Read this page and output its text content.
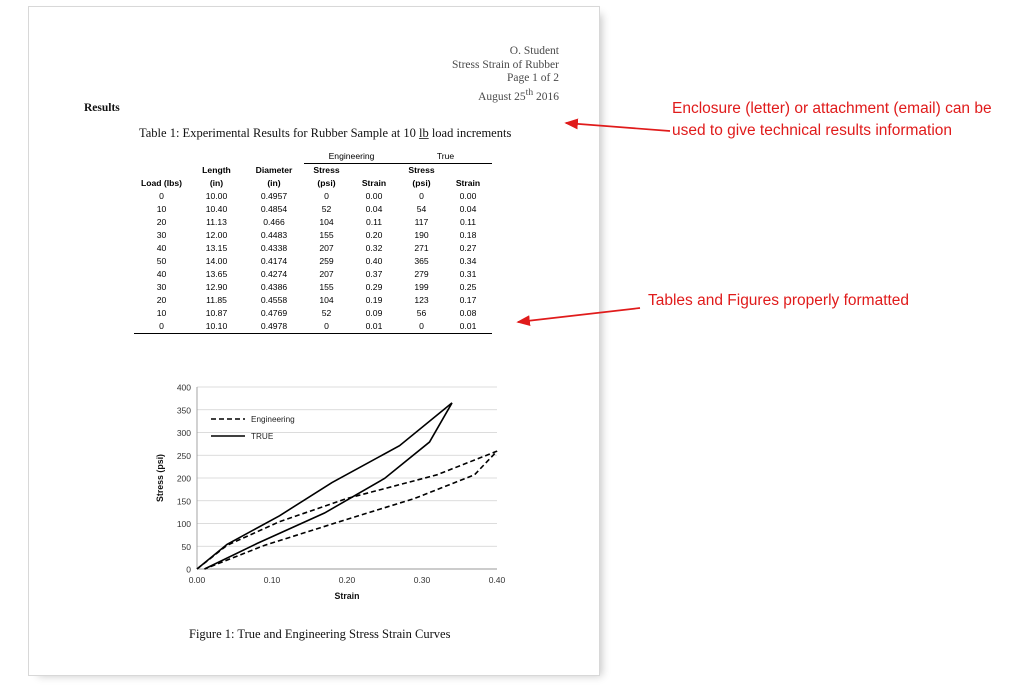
O. Student
Stress Strain of Rubber
Page 1 of 2
August 25th 2016
Results
Table 1: Experimental Results for Rubber Sample at 10 lb load increments
			Engineering		True	
	Length	Diameter	Stress		Stress	
Load (lbs)	(in)	(in)	(psi)	Strain	(psi)	Strain
0	10.00	0.4957	0	0.00	0	0.00
10	10.40	0.4854	52	0.04	54	0.04
20	11.13	0.466	104	0.11	117	0.11
30	12.00	0.4483	155	0.20	190	0.18
40	13.15	0.4338	207	0.32	271	0.27
50	14.00	0.4174	259	0.40	365	0.34
40	13.65	0.4274	207	0.37	279	0.31
30	12.90	0.4386	155	0.29	199	0.25
20	11.85	0.4558	104	0.19	123	0.17
10	10.87	0.4769	52	0.09	56	0.08
0	10.10	0.4978	0	0.01	0	0.01
0
50
100
150
200
250
300
350
400
0.00	0.10	0.20	0.30	0.40
Engineering
TRUE
Strain
Stress (psi)
Figure 1: True and Engineering Stress Strain Curves
Enclosure (letter) or attachment (email) can be used to give technical results information
Tables and Figures properly formatted
